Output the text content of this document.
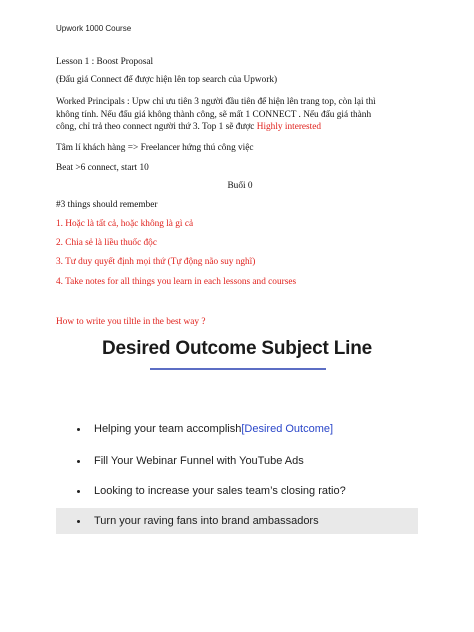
Upwork 1000 Course
Lesson 1 : Boost Proposal
(Đấu giá Connect để được hiện lên top search của Upwork)
Worked Principals : Upw chỉ ưu tiên 3 người đầu tiên để hiện lên trang top, còn lại thì
không tính. Nếu đấu giá không thành công, sẽ mất 1 CONNECT . Nếu đấu giá thành
công, chỉ trả theo connect người thứ 3. Top 1 sẽ được Highly interested
Tâm lí khách hàng => Freelancer hứng thú công việc
Beat >6 connect, start 10
Buổi 0
#3 things should remember
1. Hoặc là tất cả, hoặc không là gì cả
2. Chia sẻ là liều thuốc độc
3. Tư duy quyết định mọi thứ (Tự động não suy nghĩ)
4. Take notes for all things you learn in each lessons and courses
How to write you tiltle in the best way ?
Desired Outcome Subject Line
Helping your team accomplish [Desired Outcome]
Fill Your Webinar Funnel with YouTube Ads
Looking to increase your sales team’s closing ratio?
Turn your raving fans into brand ambassadors
